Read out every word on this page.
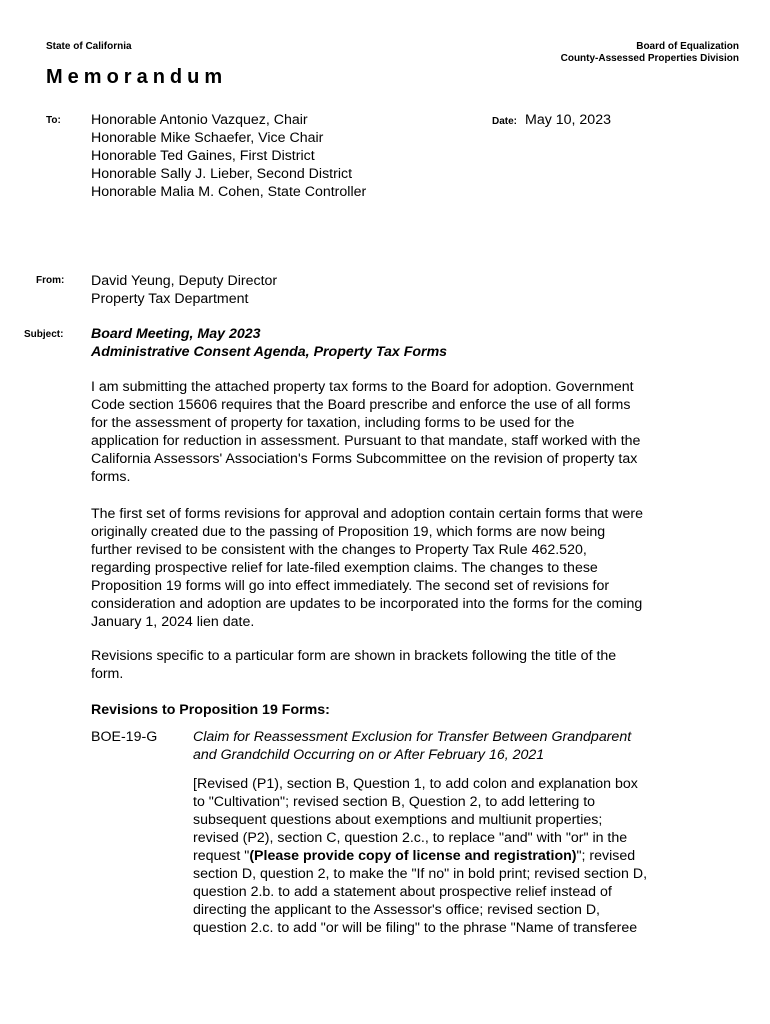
State of California	Board of Equalization
County-Assessed Properties Division
Memorandum
To: Honorable Antonio Vazquez, Chair
Honorable Mike Schaefer, Vice Chair
Honorable Ted Gaines, First District
Honorable Sally J. Lieber, Second District
Honorable Malia M. Cohen, State Controller
Date: May 10, 2023
From: David Yeung, Deputy Director
Property Tax Department
Subject: Board Meeting, May 2023
Administrative Consent Agenda, Property Tax Forms
I am submitting the attached property tax forms to the Board for adoption. Government
Code section 15606 requires that the Board prescribe and enforce the use of all forms
for the assessment of property for taxation, including forms to be used for the
application for reduction in assessment. Pursuant to that mandate, staff worked with the
California Assessors' Association's Forms Subcommittee on the revision of property tax
forms.
The first set of forms revisions for approval and adoption contain certain forms that were
originally created due to the passing of Proposition 19, which forms are now being
further revised to be consistent with the changes to Property Tax Rule 462.520,
regarding prospective relief for late-filed exemption claims. The changes to these
Proposition 19 forms will go into effect immediately. The second set of revisions for
consideration and adoption are updates to be incorporated into the forms for the coming
January 1, 2024 lien date.
Revisions specific to a particular form are shown in brackets following the title of the
form.
Revisions to Proposition 19 Forms:
BOE-19-G	Claim for Reassessment Exclusion for Transfer Between Grandparent
and Grandchild Occurring on or After February 16, 2021
[Revised (P1), section B, Question 1, to add colon and explanation box
to "Cultivation"; revised section B, Question 2, to add lettering to
subsequent questions about exemptions and multiunit properties;
revised (P2), section C, question 2.c., to replace "and" with "or" in the
request "(Please provide copy of license and registration)"; revised
section D, question 2, to make the "If no" in bold print; revised section D,
question 2.b. to add a statement about prospective relief instead of
directing the applicant to the Assessor's office; revised section D,
question 2.c. to add "or will be filing" to the phrase "Name of transferee
